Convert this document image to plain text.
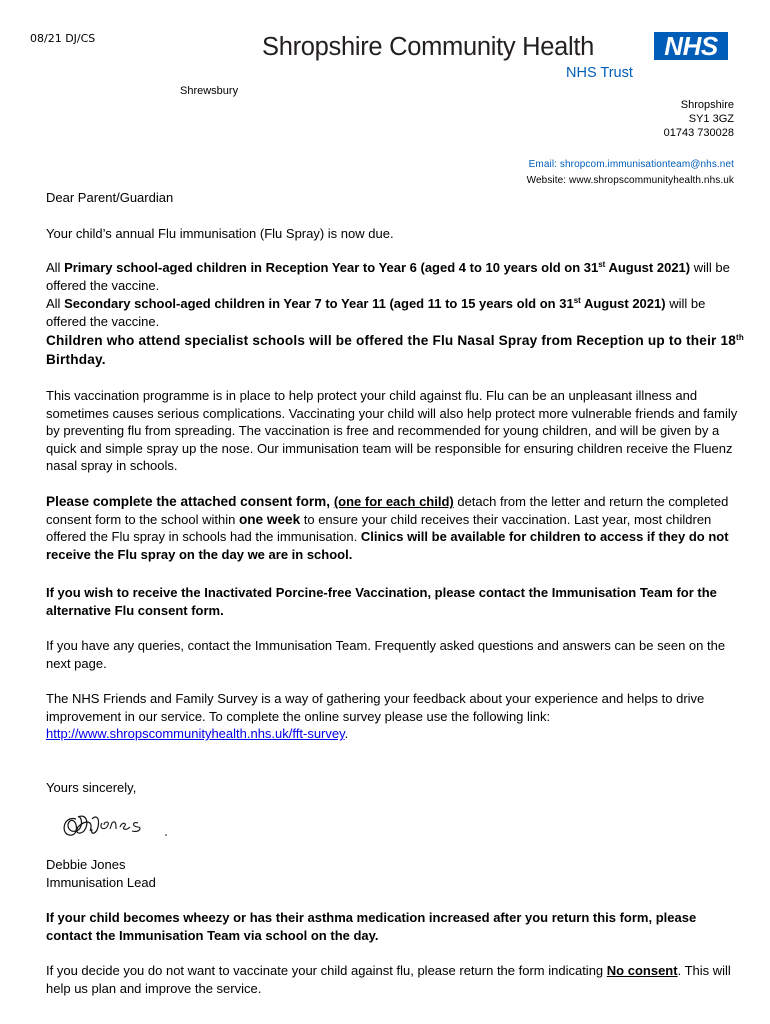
08/21 DJ/CS	Shropshire Community Health
NHS Trust
NHS
Shrewsbury
Shropshire
SY1 3GZ
01743 730028
Email: shropcom.immunisationteam@nhs.net
Website: www.shropscommunityhealth.nhs.uk
Dear Parent/Guardian
Your child’s annual Flu immunisation (Flu Spray) is now due.
All Primary school-aged children in Reception Year to Year 6 (aged 4 to 10 years old on 31st August 2021) will be offered the vaccine.
All Secondary school-aged children in Year 7 to Year 11 (aged 11 to 15 years old on 31st August 2021) will be offered the vaccine.
Children who attend specialist schools will be offered the Flu Nasal Spray from Reception up to their 18th Birthday.
This vaccination programme is in place to help protect your child against flu. Flu can be an unpleasant illness and sometimes causes serious complications. Vaccinating your child will also help protect more vulnerable friends and family by preventing flu from spreading. The vaccination is free and recommended for young children, and will be given by a quick and simple spray up the nose. Our immunisation team will be responsible for ensuring children receive the Fluenz nasal spray in schools.
Please complete the attached consent form, (one for each child) detach from the letter and return the completed consent form to the school within one week to ensure your child receives their vaccination. Last year, most children offered the Flu spray in schools had the immunisation. Clinics will be available for children to access if they do not receive the Flu spray on the day we are in school.
If you wish to receive the Inactivated Porcine-free Vaccination, please contact the Immunisation Team for the alternative Flu consent form.
If you have any queries, contact the Immunisation Team. Frequently asked questions and answers can be seen on the next page.
The NHS Friends and Family Survey is a way of gathering your feedback about your experience and helps to drive improvement in our service. To complete the online survey please use the following link:
http://www.shropscommunityhealth.nhs.uk/fft-survey.
Yours sincerely,
Debbie Jones
Immunisation Lead
If your child becomes wheezy or has their asthma medication increased after you return this form, please contact the Immunisation Team via school on the day.
If you decide you do not want to vaccinate your child against flu, please return the form indicating No consent. This will help us plan and improve the service.
